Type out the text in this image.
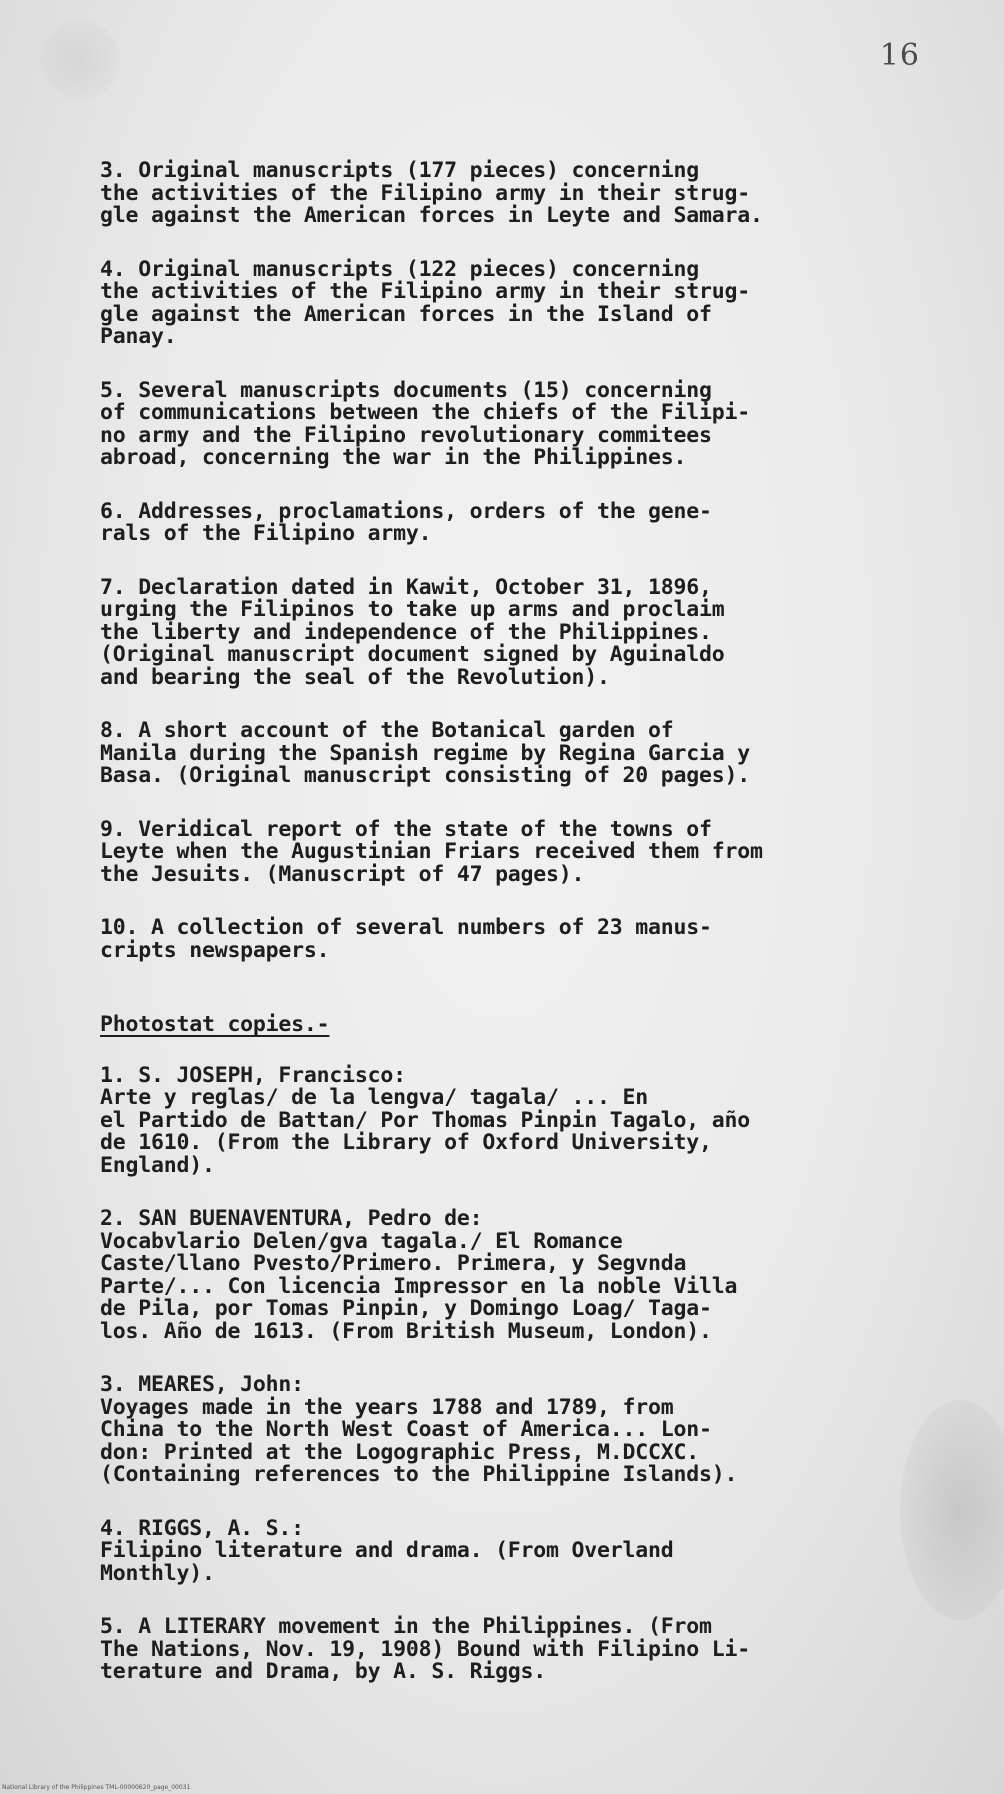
16

3. Original manuscripts (177 pieces) concerning
the activities of the Filipino army in their strug-
gle against the American forces in Leyte and Samara.

4. Original manuscripts (122 pieces) concerning
the activities of the Filipino army in their strug-
gle against the American forces in the Island of
Panay.

5. Several manuscripts documents (15) concerning
of communications between the chiefs of the Filipi-
no army and the Filipino revolutionary commitees
abroad, concerning the war in the Philippines.

6. Addresses, proclamations, orders of the gene-
rals of the Filipino army.

7. Declaration dated in Kawit, October 31, 1896,
urging the Filipinos to take up arms and proclaim
the liberty and independence of the Philippines.
(Original manuscript document signed by Aguinaldo
and bearing the seal of the Revolution).

8. A short account of the Botanical garden of
Manila during the Spanish regime by Regina Garcia y
Basa. (Original manuscript consisting of 20 pages).

9. Veridical report of the state of the towns of
Leyte when the Augustinian Friars received them from
the Jesuits. (Manuscript of 47 pages).

10. A collection of several numbers of 23 manus-
cripts newspapers.

Photostat copies.-
1. S. JOSEPH, Francisco:
Arte y reglas/ de la lengva/ tagala/ ... En
el Partido de Battan/ Por Thomas Pinpin Tagalo, año
de 1610. (From the Library of Oxford University,
England).
2. SAN BUENAVENTURA, Pedro de:
Vocabvlario Delen/gva tagala./ El Romance
Caste/llano Pvesto/Primero. Primera, y Segvnda
Parte/... Con licencia Impressor en la noble Villa
de Pila, por Tomas Pinpin, y Domingo Loag/ Taga-
los. Año de 1613. (From British Museum, London).
3. MEARES, John:
Voyages made in the years 1788 and 1789, from
China to the North West Coast of America... Lon-
don: Printed at the Logographic Press, M.DCCXC.
(Containing references to the Philippine Islands).
4. RIGGS, A. S.:
Filipino literature and drama. (From Overland
Monthly).
5. A LITERARY movement in the Philippines. (From
The Nations, Nov. 19, 1908) Bound with Filipino Li-
terature and Drama, by A. S. Riggs.
National Library of the Philippines TML-00000620_page_00031
